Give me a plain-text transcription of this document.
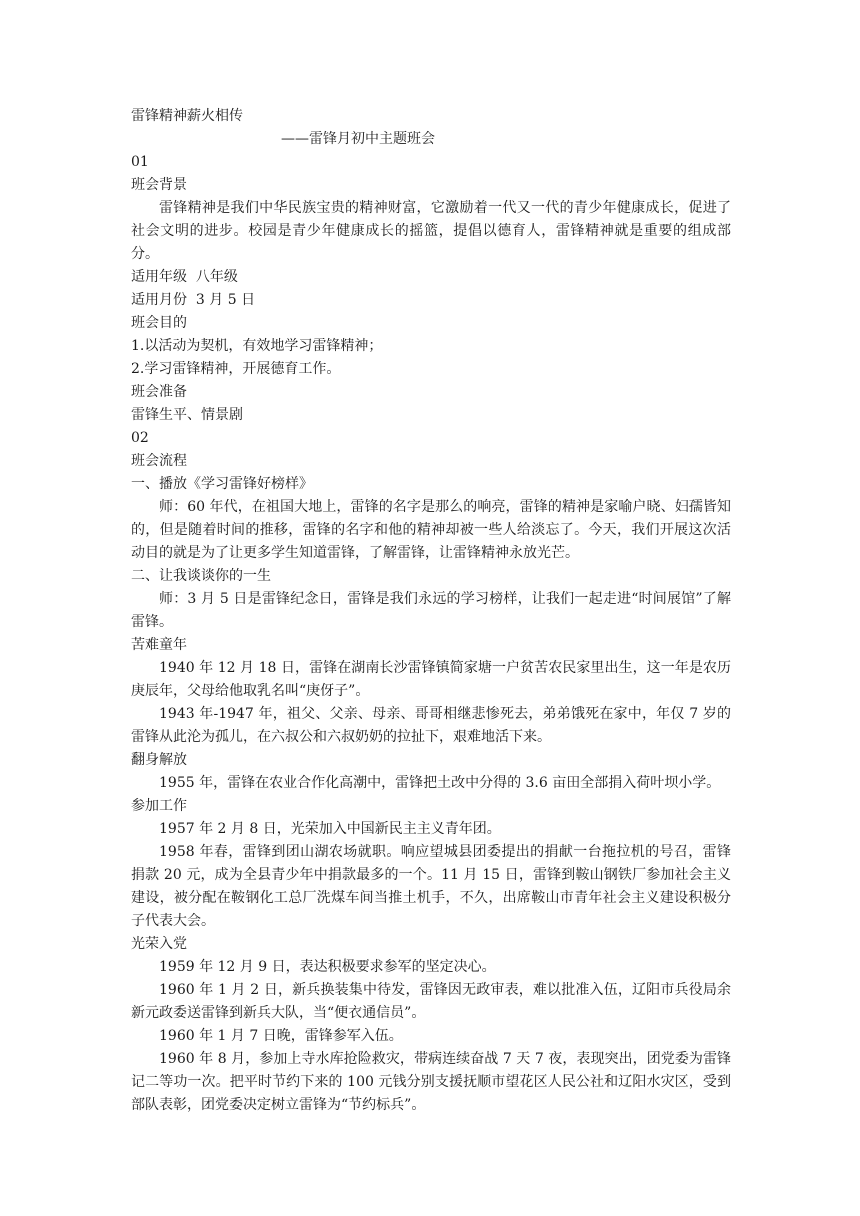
雷锋精神薪火相传

——雷锋月初中主题班会

01

班会背景

雷锋精神是我们中华民族宝贵的精神财富，它激励着一代又一代的青少年健康成长，促进了社会文明的进步。校园是青少年健康成长的摇篮，提倡以德育人，雷锋精神就是重要的组成部分。

适用年级  八年级

适用月份  3 月 5 日

班会目的

1.以活动为契机，有效地学习雷锋精神；

2.学习雷锋精神，开展德育工作。

班会准备

雷锋生平、情景剧

02

班会流程

一、播放《学习雷锋好榜样》

师：60 年代，在祖国大地上，雷锋的名字是那么的响亮，雷锋的精神是家喻户晓、妇孺皆知的，但是随着时间的推移，雷锋的名字和他的精神却被一些人给淡忘了。今天，我们开展这次活动目的就是为了让更多学生知道雷锋，了解雷锋，让雷锋精神永放光芒。

二、让我谈谈你的一生

师：3 月 5 日是雷锋纪念日，雷锋是我们永远的学习榜样，让我们一起走进“时间展馆”了解雷锋。

苦难童年

1940 年 12 月 18 日，雷锋在湖南长沙雷锋镇简家塘一户贫苦农民家里出生，这一年是农历庚辰年，父母给他取乳名叫“庚伢子”。

1943 年-1947 年，祖父、父亲、母亲、哥哥相继悲惨死去，弟弟饿死在家中，年仅 7 岁的雷锋从此沦为孤儿，在六叔公和六叔奶奶的拉扯下，艰难地活下来。

翻身解放

1955 年，雷锋在农业合作化高潮中，雷锋把土改中分得的 3.6 亩田全部捐入荷叶坝小学。

参加工作

1957 年 2 月 8 日，光荣加入中国新民主主义青年团。

1958 年春，雷锋到团山湖农场就职。响应望城县团委提出的捐献一台拖拉机的号召，雷锋捐款 20 元，成为全县青少年中捐款最多的一个。11 月 15 日，雷锋到鞍山钢铁厂参加社会主义建设，被分配在鞍钢化工总厂洗煤车间当推土机手，不久，出席鞍山市青年社会主义建设积极分子代表大会。

光荣入党

1959 年 12 月 9 日，表达积极要求参军的坚定决心。

1960 年 1 月 2 日，新兵换装集中待发，雷锋因无政审表，难以批准入伍，辽阳市兵役局余新元政委送雷锋到新兵大队，当“便衣通信员”。

1960 年 1 月 7 日晚，雷锋参军入伍。

1960 年 8 月，参加上寺水库抢险救灾，带病连续奋战 7 天 7 夜，表现突出，团党委为雷锋 记二等功一次。把平时节约下来的 100 元钱分别支援抚顺市望花区人民公社和辽阳水灾区，受到部队表彰，团党委决定树立雷锋为“节约标兵”。
